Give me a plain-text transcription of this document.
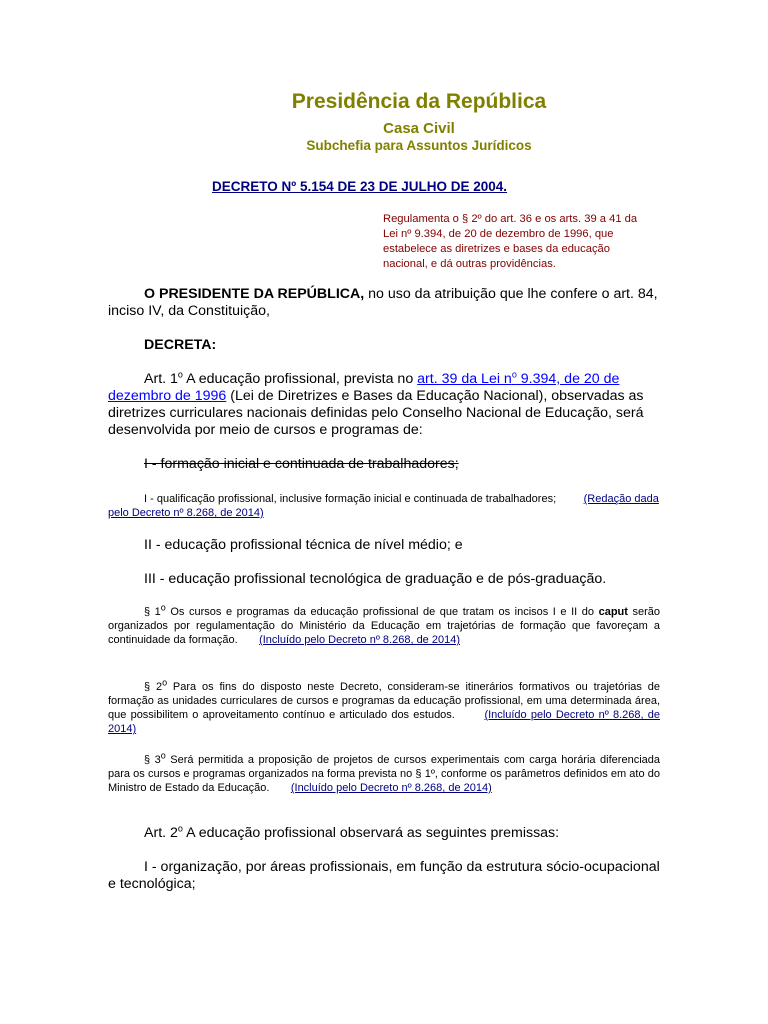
Presidência da República
Casa Civil
Subchefia para Assuntos Jurídicos
DECRETO Nº 5.154 DE 23 DE JULHO DE 2004.
Regulamenta o § 2º do art. 36 e os arts. 39 a 41 da Lei nº 9.394, de 20 de dezembro de 1996, que estabelece as diretrizes e bases da educação nacional, e dá outras providências.
O PRESIDENTE DA REPÚBLICA, no uso da atribuição que lhe confere o art. 84, inciso IV, da Constituição,
DECRETA:
Art. 1$^o$ A educação profissional, prevista no art. 39 da Lei $n^o$ 9.394, de 20 de dezembro de 1996 (Lei de Diretrizes e Bases da Educação Nacional), observadas as diretrizes curriculares nacionais definidas pelo Conselho Nacional de Educação, será desenvolvida por meio de cursos e programas de:
I - formação inicial e continuada de trabalhadores;
I - qualificação profissional, inclusive formação inicial e continuada de trabalhadores;	(Redação dada pelo Decreto nº 8.268, de 2014)
II - educação profissional técnica de nível médio; e
III - educação profissional tecnológica de graduação e de pós-graduação.
§ 1$^o$ Os cursos e programas da educação profissional de que tratam os incisos I e II do caput serão organizados por regulamentação do Ministério da Educação em trajetórias de formação que favoreçam a continuidade da formação. (Incluído pelo Decreto nº 8.268, de 2014)
§ 2$^o$ Para os fins do disposto neste Decreto, consideram-se itinerários formativos ou trajetórias de formação as unidades curriculares de cursos e programas da educação profissional, em uma determinada área, que possibilitem o aproveitamento contínuo e articulado dos estudos.	(Incluído pelo Decreto nº 8.268, de 2014)
§ 3$^o$ Será permitida a proposição de projetos de cursos experimentais com carga horária diferenciada para os cursos e programas organizados na forma prevista no § 1º, conforme os parâmetros definidos em ato do Ministro de Estado da Educação. (Incluído pelo Decreto nº 8.268, de 2014)
Art. 2$^o$ A educação profissional observará as seguintes premissas:
I - organização, por áreas profissionais, em função da estrutura sócio-ocupacional e tecnológica;
